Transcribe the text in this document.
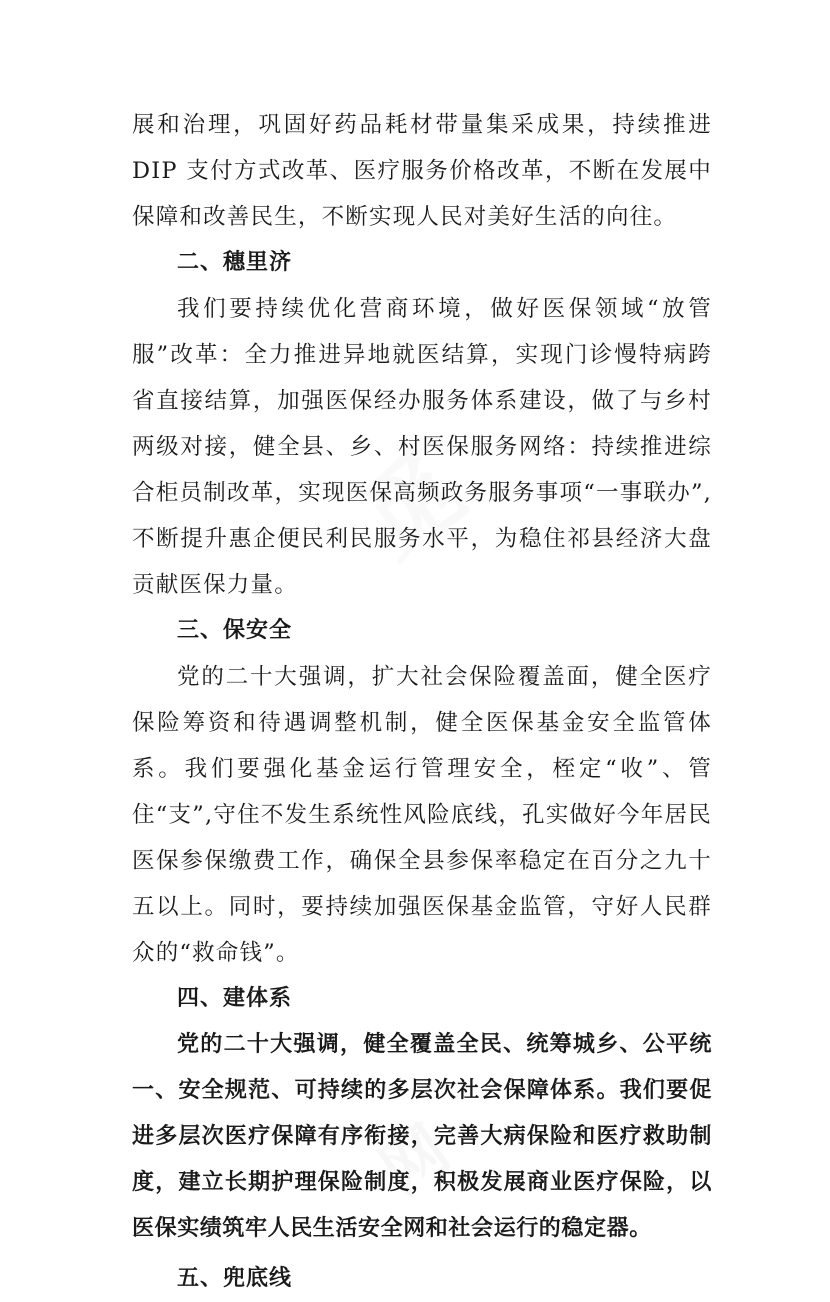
觅
网

展和治理，巩固好药品耗材带量集采成果，持续推进DIP 支付方式改革、医疗服务价格改革，不断在发展中保障和改善民生，不断实现人民对美好生活的向往。

二、穗里济

我们要持续优化营商环境，做好医保领域“放管服”改革：全力推进异地就医结算，实现门诊慢特病跨省直接结算，加强医保经办服务体系建设，做了与乡村两级对接，健全县、乡、村医保服务网络：持续推进综合柜员制改革，实现医保高频政务服务事项“一事联办”,不断提升惠企便民利民服务水平，为稳住祁县经济大盘贡献医保力量。

三、保安全

党的二十大强调，扩大社会保险覆盖面，健全医疗保险筹资和待遇调整机制，健全医保基金安全监管体系。我们要强化基金运行管理安全，桎定“收”、管住“支”,守住不发生系统性风险底线，孔实做好今年居民医保参保缴费工作，确保全县参保率稳定在百分之九十五以上。同时，要持续加强医保基金监管，守好人民群众的“救命钱”。

四、建体系

党的二十大强调，健全覆盖全民、统筹城乡、公平统一、安全规范、可持续的多层次社会保障体系。我们要促进多层次医疗保障有序衔接，完善大病保险和医疗救助制度，建立长期护理保险制度，积极发展商业医疗保险，以医保实绩筑牢人民生活安全网和社会运行的稳定器。

五、兜底线
